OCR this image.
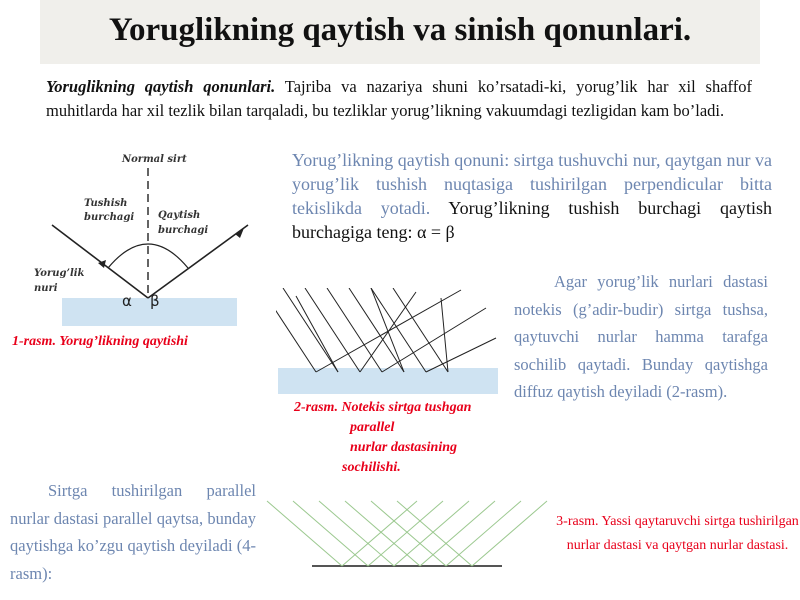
Yoruglikning qaytish va sinish qonunlari.
Yoruglikning qaytish qonunlari. Tajriba va nazariya shuni ko’rsatadi-ki, yorug’lik har xil shaffof muhitlarda har xil tezlik bilan tarqaladi, bu tezliklar yorug’likning vakuumdagi tezligidan kam bo’ladi.
Normal sirt
Tushish
burchagi Qaytish
burchagi
Yorug’lik
nuri
α β
1-rasm. Yorug’likning qaytishi
Yorug’likning qaytish qonuni: sirtga tushuvchi nur, qaytgan nur va yorug’lik tushish nuqtasiga tushirilgan perpendicular bitta tekislikda yotadi. Yorug’likning tushish burchagi qaytish burchagiga teng: α = β
2-rasm. Notekis sirtga tushgan
parallel
nurlar dastasining
sochilishi.
Agar yorug’lik nurlari dastasi notekis (g’adir-budir) sirtga tushsa, qaytuvchi nurlar hamma tarafga sochilib qaytadi. Bunday qaytishga diffuz qaytish deyiladi (2-rasm).
Sirtga tushirilgan parallel nurlar dastasi parallel qaytsa, bunday qaytishga ko’zgu qaytish deyiladi (4-rasm):
3-rasm. Yassi qaytaruvchi sirtga tushirilgan nurlar dastasi va qaytgan nurlar dastasi.
